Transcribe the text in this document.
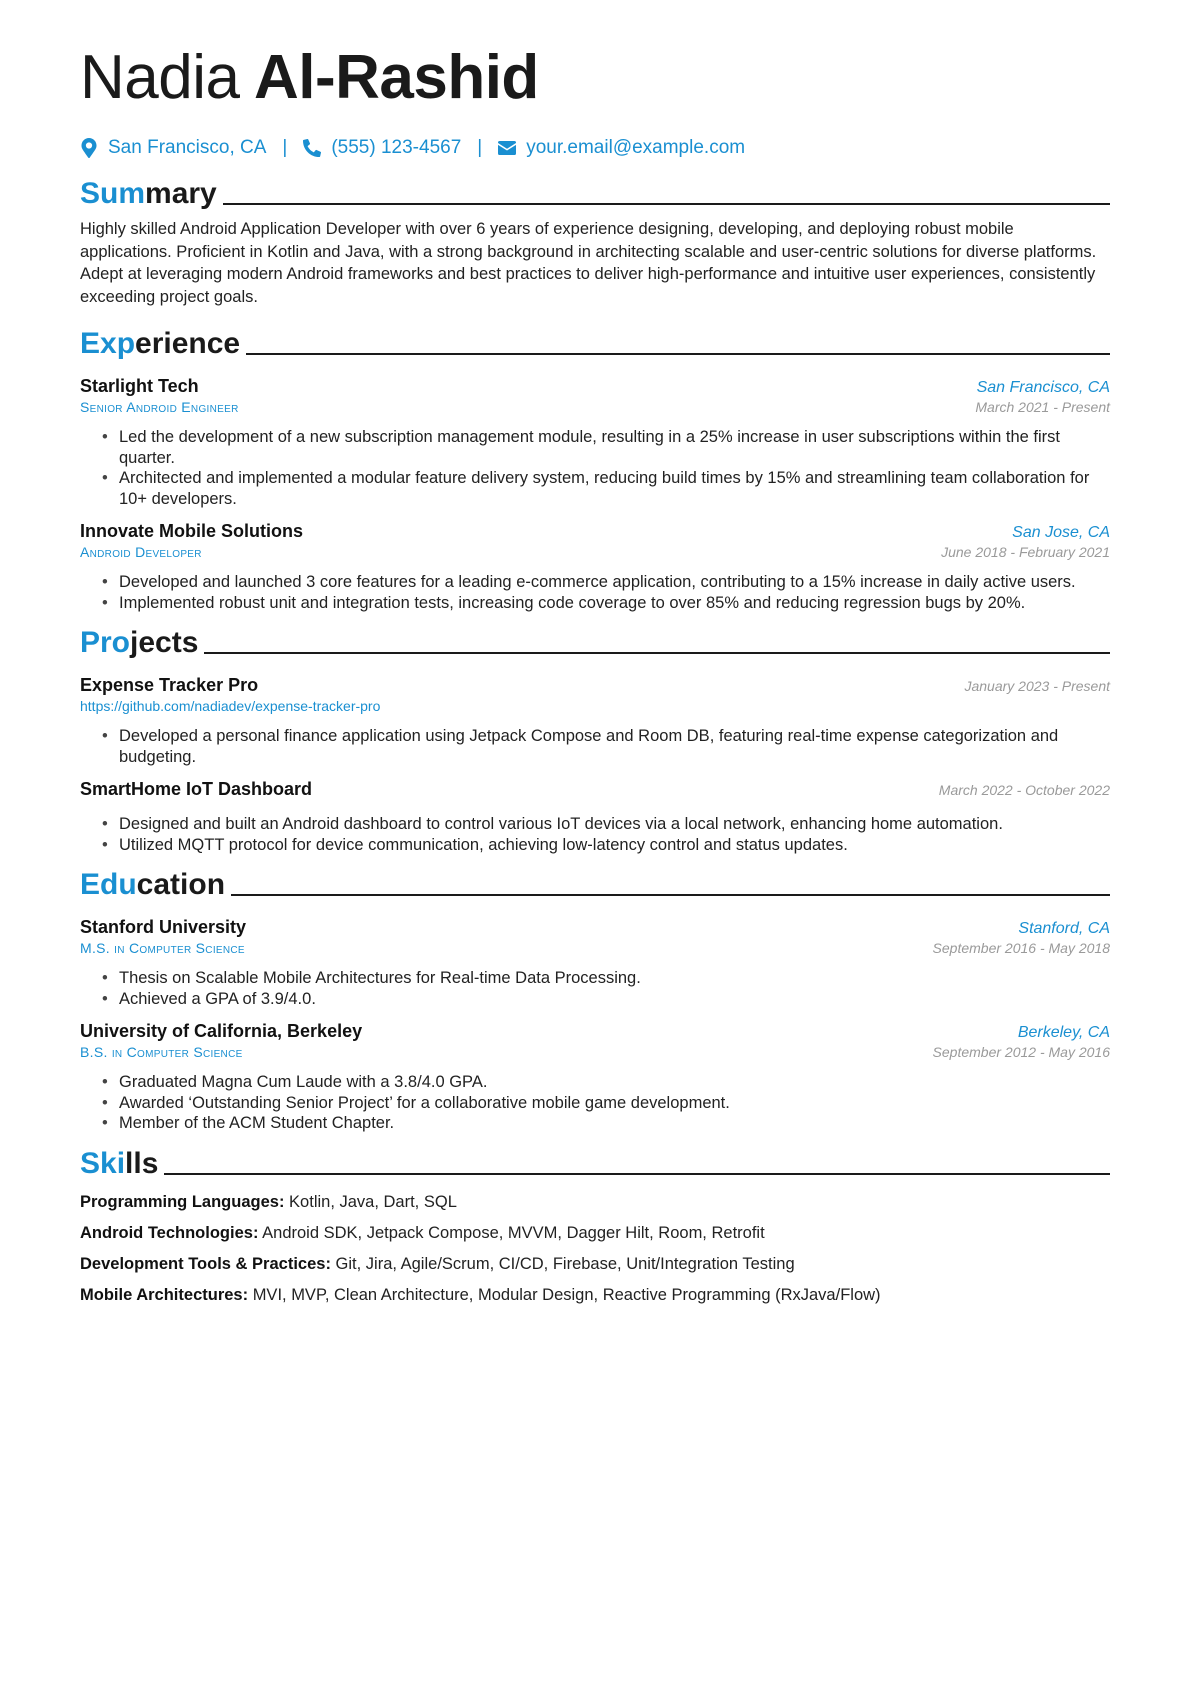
Nadia Al-Rashid
San Francisco, CA | (555) 123-4567 | your.email@example.com
Summary

Highly skilled Android Application Developer with over 6 years of experience designing, developing, and deploying robust mobile applications. Proficient in Kotlin and Java, with a strong background in architecting scalable and user-centric solutions for diverse platforms. Adept at leveraging modern Android frameworks and best practices to deliver high-performance and intuitive user experiences, consistently exceeding project goals.

Experience
Starlight Tech	San Francisco, CA
Senior Android Engineer	March 2021 - Present
• Led the development of a new subscription management module, resulting in a 25% increase in user subscriptions within the first quarter.
• Architected and implemented a modular feature delivery system, reducing build times by 15% and streamlining team collaboration for 10+ developers.
Innovate Mobile Solutions	San Jose, CA
Android Developer	June 2018 - February 2021
• Developed and launched 3 core features for a leading e-commerce application, contributing to a 15% increase in daily active users.
• Implemented robust unit and integration tests, increasing code coverage to over 85% and reducing regression bugs by 20%.
Projects
Expense Tracker Pro	January 2023 - Present
https://github.com/nadiadev/expense-tracker-pro
• Developed a personal finance application using Jetpack Compose and Room DB, featuring real-time expense categorization and budgeting.
SmartHome IoT Dashboard	March 2022 - October 2022
• Designed and built an Android dashboard to control various IoT devices via a local network, enhancing home automation.
• Utilized MQTT protocol for device communication, achieving low-latency control and status updates.
Education
Stanford University	Stanford, CA
M.S. in Computer Science	September 2016 - May 2018
• Thesis on Scalable Mobile Architectures for Real-time Data Processing.
• Achieved a GPA of 3.9/4.0.
University of California, Berkeley	Berkeley, CA
B.S. in Computer Science	September 2012 - May 2016
• Graduated Magna Cum Laude with a 3.8/4.0 GPA.
• Awarded ‘Outstanding Senior Project’ for a collaborative mobile game development.
• Member of the ACM Student Chapter.
Skills
Programming Languages: Kotlin, Java, Dart, SQL
Android Technologies: Android SDK, Jetpack Compose, MVVM, Dagger Hilt, Room, Retrofit
Development Tools & Practices: Git, Jira, Agile/Scrum, CI/CD, Firebase, Unit/Integration Testing
Mobile Architectures: MVI, MVP, Clean Architecture, Modular Design, Reactive Programming (RxJava/Flow)
